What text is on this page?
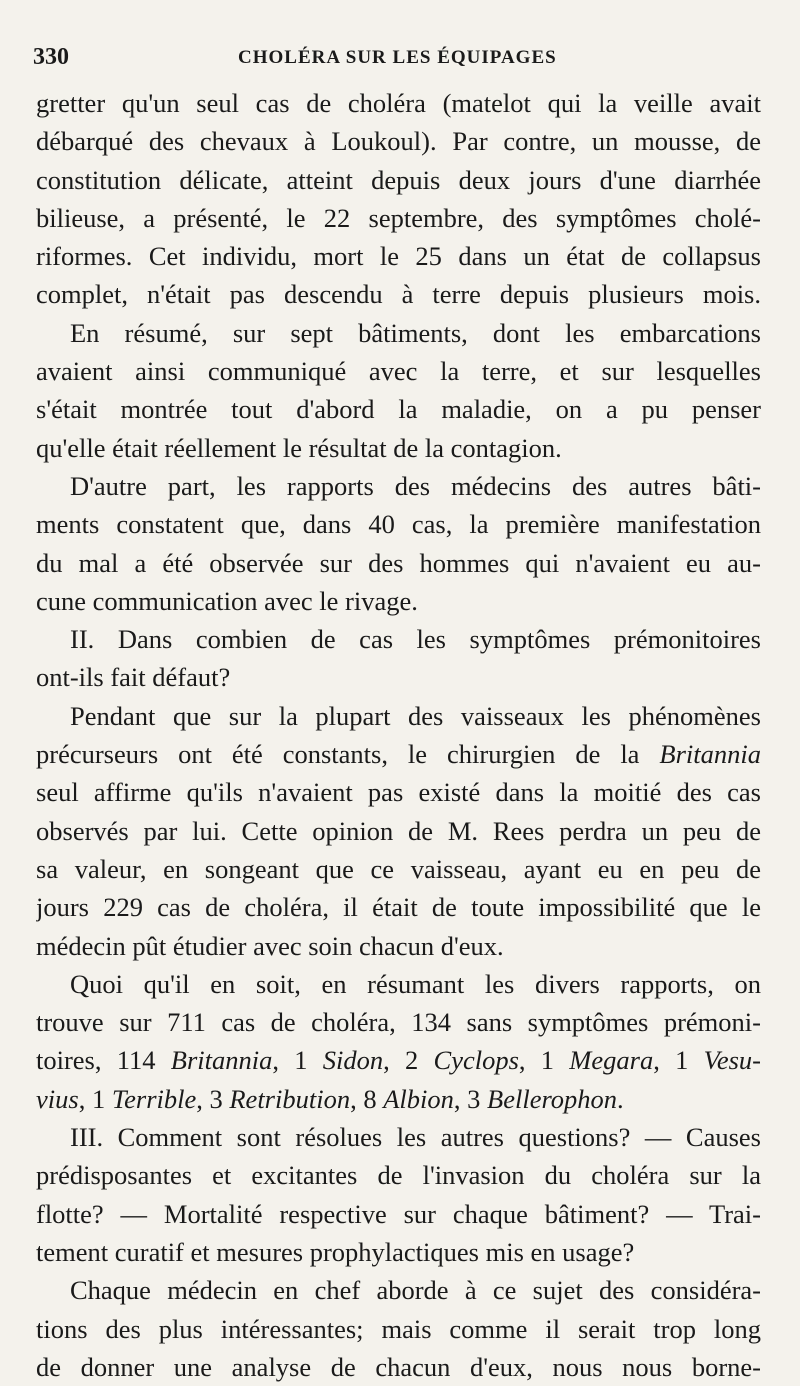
330	CHOLÉRA SUR LES ÉQUIPAGES
gretter qu'un seul cas de choléra (matelot qui la veille avait
débarqué des chevaux à Loukoul). Par contre, un mousse, de
constitution délicate, atteint depuis deux jours d'une diarrhée
bilieuse, a présenté, le 22 septembre, des symptômes cholé-
riformes. Cet individu, mort le 25 dans un état de collapsus
complet, n'était pas descendu à terre depuis plusieurs mois.
En résumé, sur sept bâtiments, dont les embarcations
avaient ainsi communiqué avec la terre, et sur lesquelles
s'était montrée tout d'abord la maladie, on a pu penser
qu'elle était réellement le résultat de la contagion.
D'autre part, les rapports des médecins des autres bâti-
ments constatent que, dans 40 cas, la première manifestation
du mal a été observée sur des hommes qui n'avaient eu au-
cune communication avec le rivage.
II. Dans combien de cas les symptômes prémonitoires
ont-ils fait défaut?
Pendant que sur la plupart des vaisseaux les phénomènes
précurseurs ont été constants, le chirurgien de la Britannia
seul affirme qu'ils n'avaient pas existé dans la moitié des cas
observés par lui. Cette opinion de M. Rees perdra un peu de
sa valeur, en songeant que ce vaisseau, ayant eu en peu de
jours 229 cas de choléra, il était de toute impossibilité que le
médecin pût étudier avec soin chacun d'eux.
Quoi qu'il en soit, en résumant les divers rapports, on
trouve sur 711 cas de choléra, 134 sans symptômes prémoni-
toires, 114 Britannia, 1 Sidon, 2 Cyclops, 1 Megara, 1 Vesu-
vius, 1 Terrible, 3 Retribution, 8 Albion, 3 Bellerophon.
III. Comment sont résolues les autres questions? — Causes
prédisposantes et excitantes de l'invasion du choléra sur la
flotte? — Mortalité respective sur chaque bâtiment? — Trai-
tement curatif et mesures prophylactiques mis en usage?
Chaque médecin en chef aborde à ce sujet des considéra-
tions des plus intéressantes; mais comme il serait trop long
de donner une analyse de chacun d'eux, nous nous borne-
